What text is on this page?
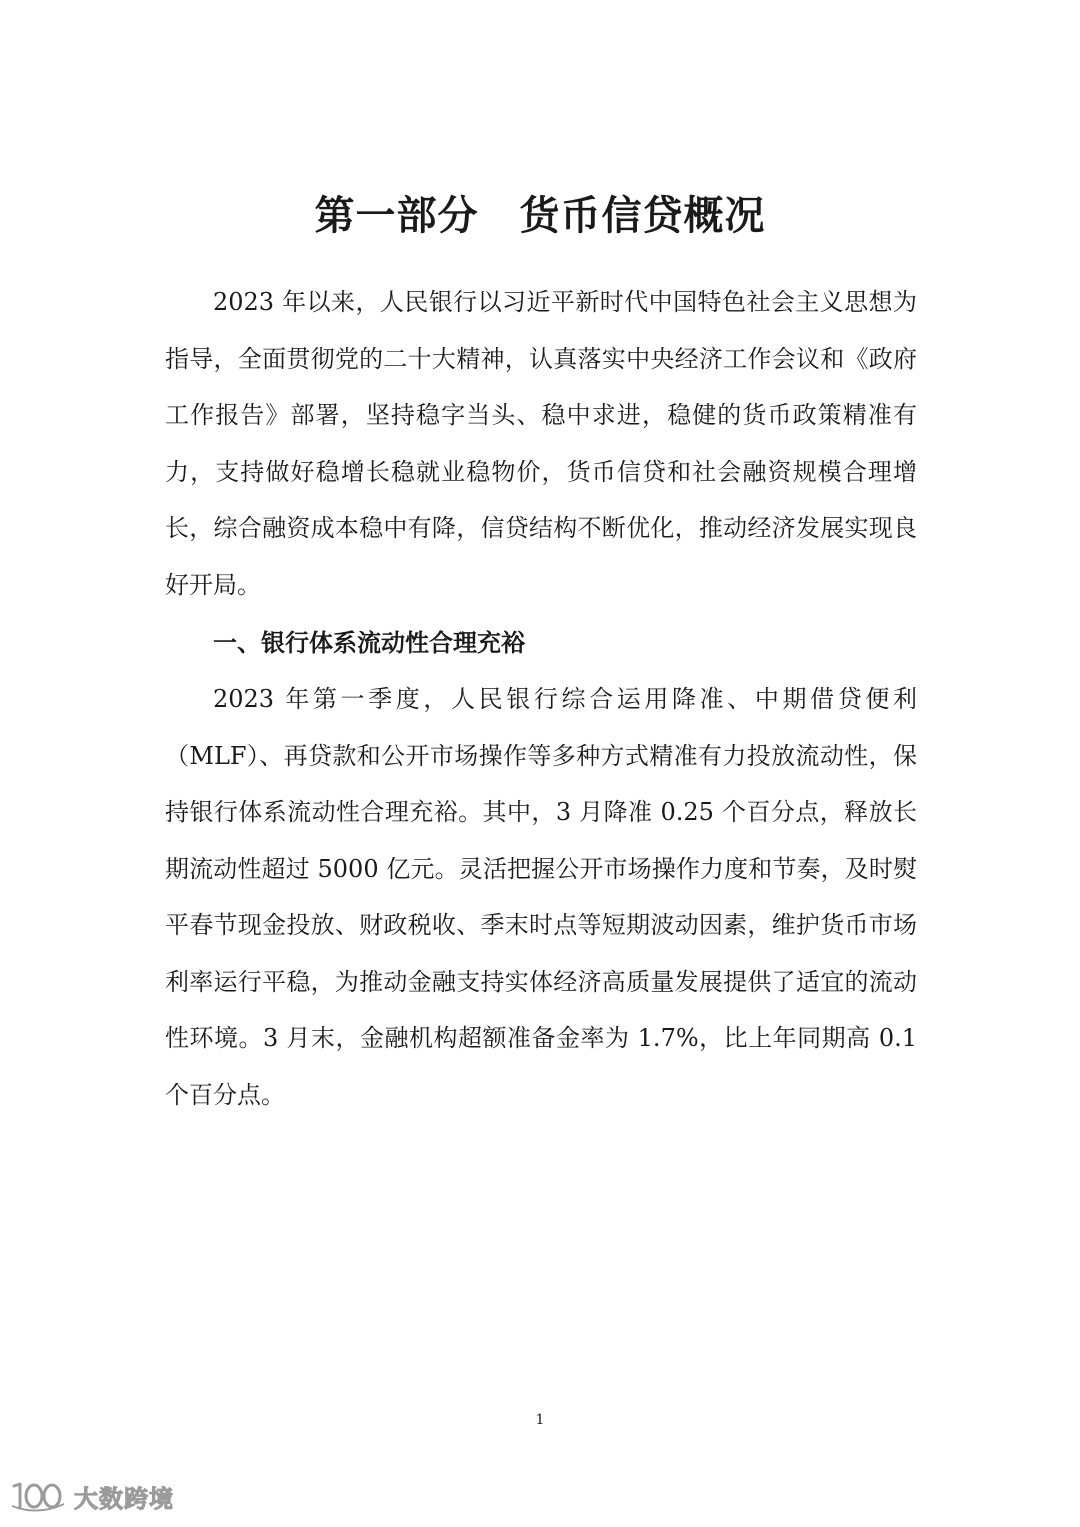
第一部分　货币信贷概况

2023 年以来，人民银行以习近平新时代中国特色社会主义思想为指导，全面贯彻党的二十大精神，认真落实中央经济工作会议和《政府工作报告》部署，坚持稳字当头、稳中求进，稳健的货币政策精准有力，支持做好稳增长稳就业稳物价，货币信贷和社会融资规模合理增长，综合融资成本稳中有降，信贷结构不断优化，推动经济发展实现良好开局。

一、银行体系流动性合理充裕

2023 年第一季度，人民银行综合运用降准、中期借贷便利（MLF）、再贷款和公开市场操作等多种方式精准有力投放流动性，保持银行体系流动性合理充裕。其中，3 月降准 0.25 个百分点，释放长期流动性超过 5000 亿元。灵活把握公开市场操作力度和节奏，及时熨平春节现金投放、财政税收、季末时点等短期波动因素，维护货币市场利率运行平稳，为推动金融支持实体经济高质量发展提供了适宜的流动性环境。3 月末，金融机构超额准备金率为 1.7%，比上年同期高 0.1 个百分点。

1
大数跨境
